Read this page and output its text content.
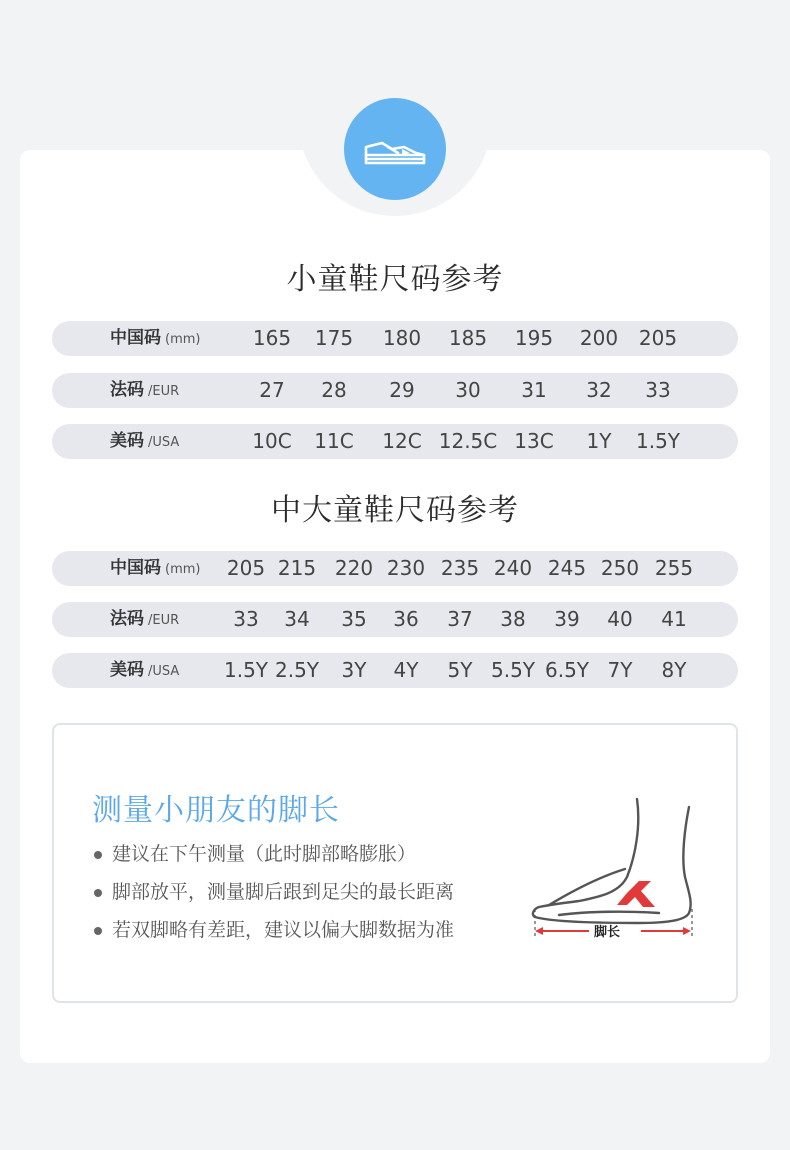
小童鞋尺码参考
中国码 (mm)	165 175 180 185 195 200 205
法码 /EUR	27 28 29 30 31 32 33
美码 /USA	10C 11C 12C 12.5C 13C 1Y 1.5Y
中大童鞋尺码参考
中国码 (mm) 205 215 220 230 235 240 245 250 255
法码 /EUR	33 34 35 36 37 38 39 40 41
美码 /USA 1.5Y 2.5Y 3Y 4Y 5Y 5.5Y 6.5Y 7Y 8Y
测量小朋友的脚长
建议在下午测量（此时脚部略膨胀）
脚部放平，测量脚后跟到足尖的最长距离
若双脚略有差距，建议以偏大脚数据为准	脚长
